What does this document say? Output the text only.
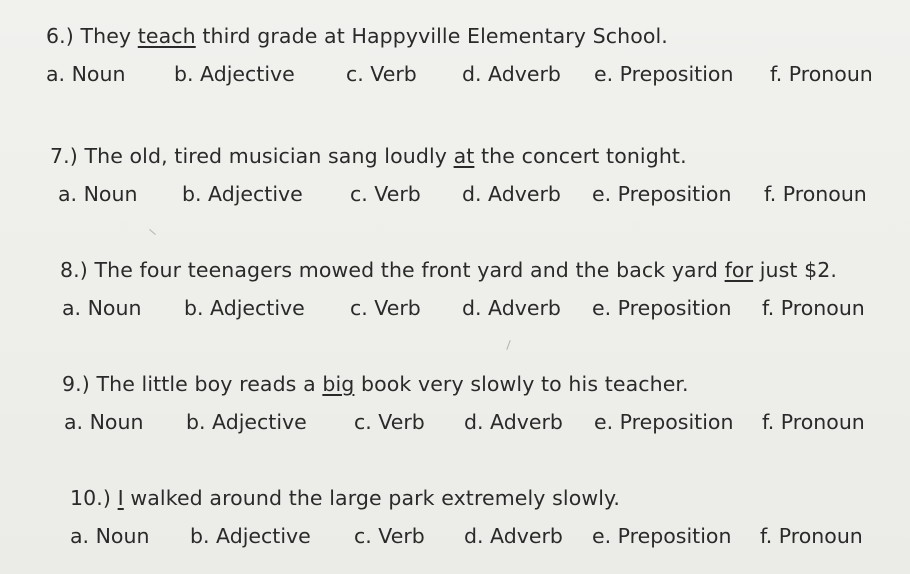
6.) They teach third grade at Happyville Elementary School.
a. Noun b. Adjective c. Verb d. Adverb e. Preposition f. Pronoun
7.) The old, tired musician sang loudly at the concert tonight.
a. Noun b. Adjective c. Verb d. Adverb e. Preposition f. Pronoun
8.) The four teenagers mowed the front yard and the back yard for just $2.
a. Noun b. Adjective c. Verb d. Adverb e. Preposition f. Pronoun
9.) The little boy reads a big book very slowly to his teacher.
a. Noun b. Adjective c. Verb d. Adverb e. Preposition f. Pronoun
10.) I walked around the large park extremely slowly.
a. Noun b. Adjective c. Verb d. Adverb e. Preposition f. Pronoun
